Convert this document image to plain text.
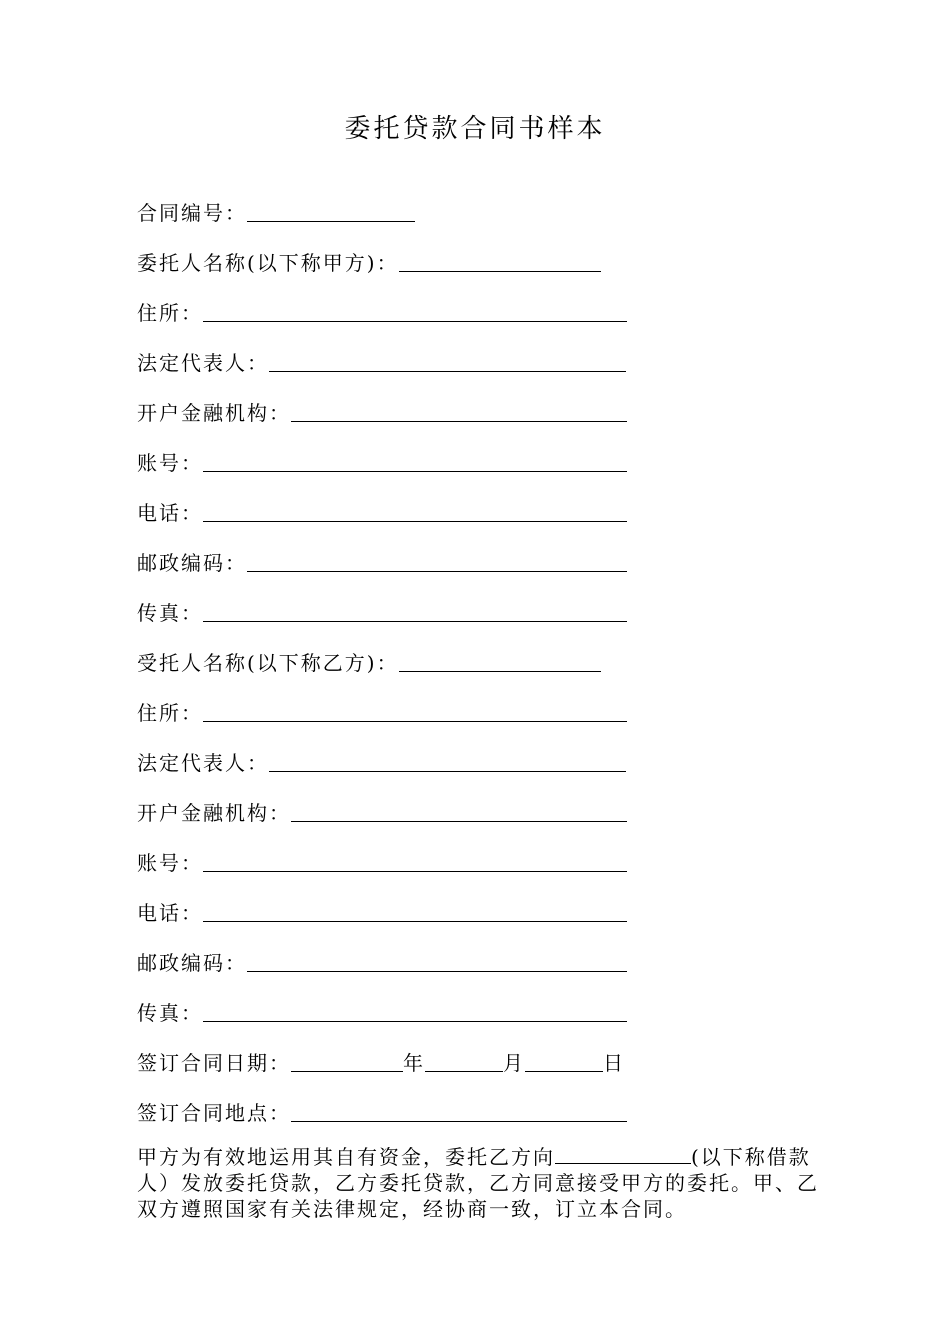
委托贷款合同书样本
合同编号：
委托人名称(以下称甲方)：
住所：
法定代表人：
开户金融机构：
账号：
电话：
邮政编码：
传真：
受托人名称(以下称乙方)：
住所：
法定代表人：
开户金融机构：
账号：
电话：
邮政编码：
传真：
签订合同日期：	年	月	日
签订合同地点：
甲方为有效地运用其自有资金，委托乙方向	(以下称借款人）发放委托贷款，乙方委托贷款，乙方同意接受甲方的委托。甲、乙双方遵照国家有关法律规定，经协商一致，订立本合同。
